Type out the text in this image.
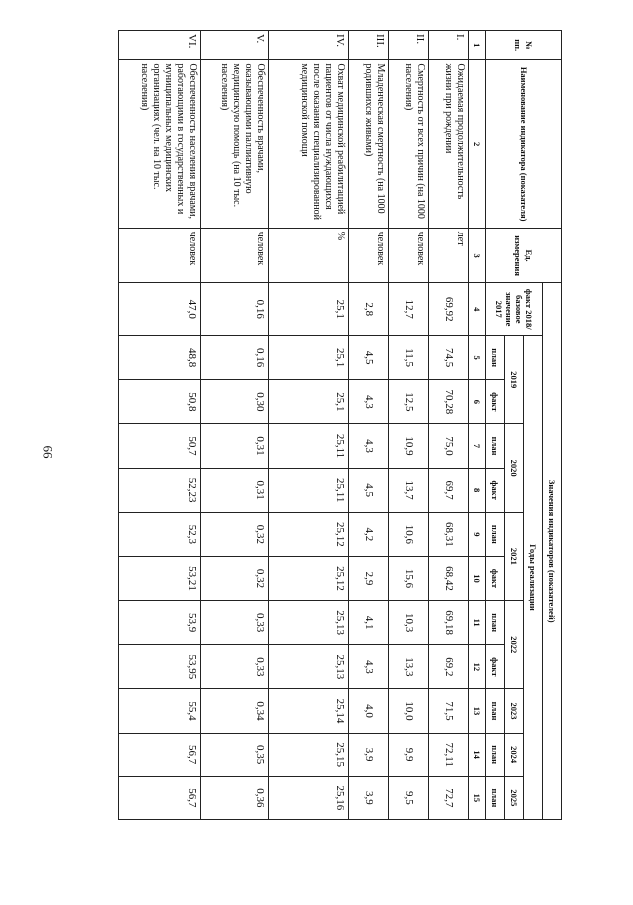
66
№ пп.	Наименование индикатора (показателя)	Ед. измерения	Значения индикаторов (показателей)											
			факт 2018/базовое значение 2017	Годы реализации										
				2019		2020		2021		2022		2023	2024	2025
				план	факт	план	факт	план	факт	план	факт	план	план	план
1	2	3	4	5	6	7	8	9	10	11	12	13	14	15
I.	Ожидаемая продолжительность жизни при рождении	лет	69,92	74,5	70,28	75,0	69,7	68,31	68,42	69,18	69,2	71,5	72,11	72,7
II.	Смертность от всех причин (на 1000 населения)	человек	12,7	11,5	12,5	10,9	13,7	10,6	15,6	10,3	13,3	10,0	9,9	9,5
III.	Младенческая смертность (на 1000 родившихся живыми)	человек	2,8	4,5	4,3	4,3	4,5	4,2	2,9	4,1	4,3	4,0	3,9	3,9
IV.	Охват медицинской реабилитацией пациентов от числа нуждающихся после оказания специализированной медицинской помощи	%	25,1	25,1	25,1	25,11	25,11	25,12	25,12	25,13	25,13	25,14	25,15	25,16
V.	Обеспеченность врачами, оказывающими паллиативную медицинскую помощь (на 10 тыс. населения)	человек	0,16	0,16	0,30	0,31	0,31	0,32	0,32	0,33	0,33	0,34	0,35	0,36
VI.	Обеспеченность населения врачами, работающими в государственных и муниципальных медицинских организациях (чел. на 10 тыс. населения)	человек	47,0	48,8	50,8	50,7	52,23	52,3	53,21	53,9	53,95	55,4	56,7	56,7
